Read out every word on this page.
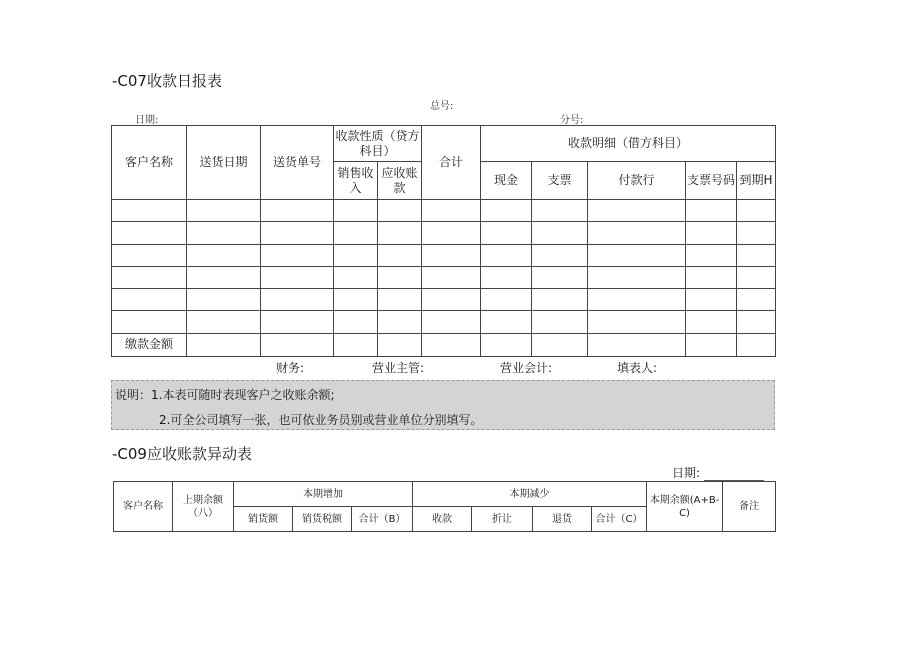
-C07收款日报表
总号:
日期:	分号:
客户名称	送货日期	送货单号	收款性质（贷方科目）		合计	收款明细（借方科目）				
			销售收入	应收账款		现金	支票	付款行	支票号码	到期H

缴款金额										
财务:	营业主管:	营业会计:	填表人:
说明：1.本表可随时表现客户之收账余额;
2.可全公司填写一张，也可依业务员别或营业单位分别填写。
-C09应收账款异动表
日期:
客户名称	上期余额（八）	本期增加			本期减少				本期余额(A+B-C)	备注
		销货额	销货税额	合计（B）	收款	折让	退货	合计（C）		
